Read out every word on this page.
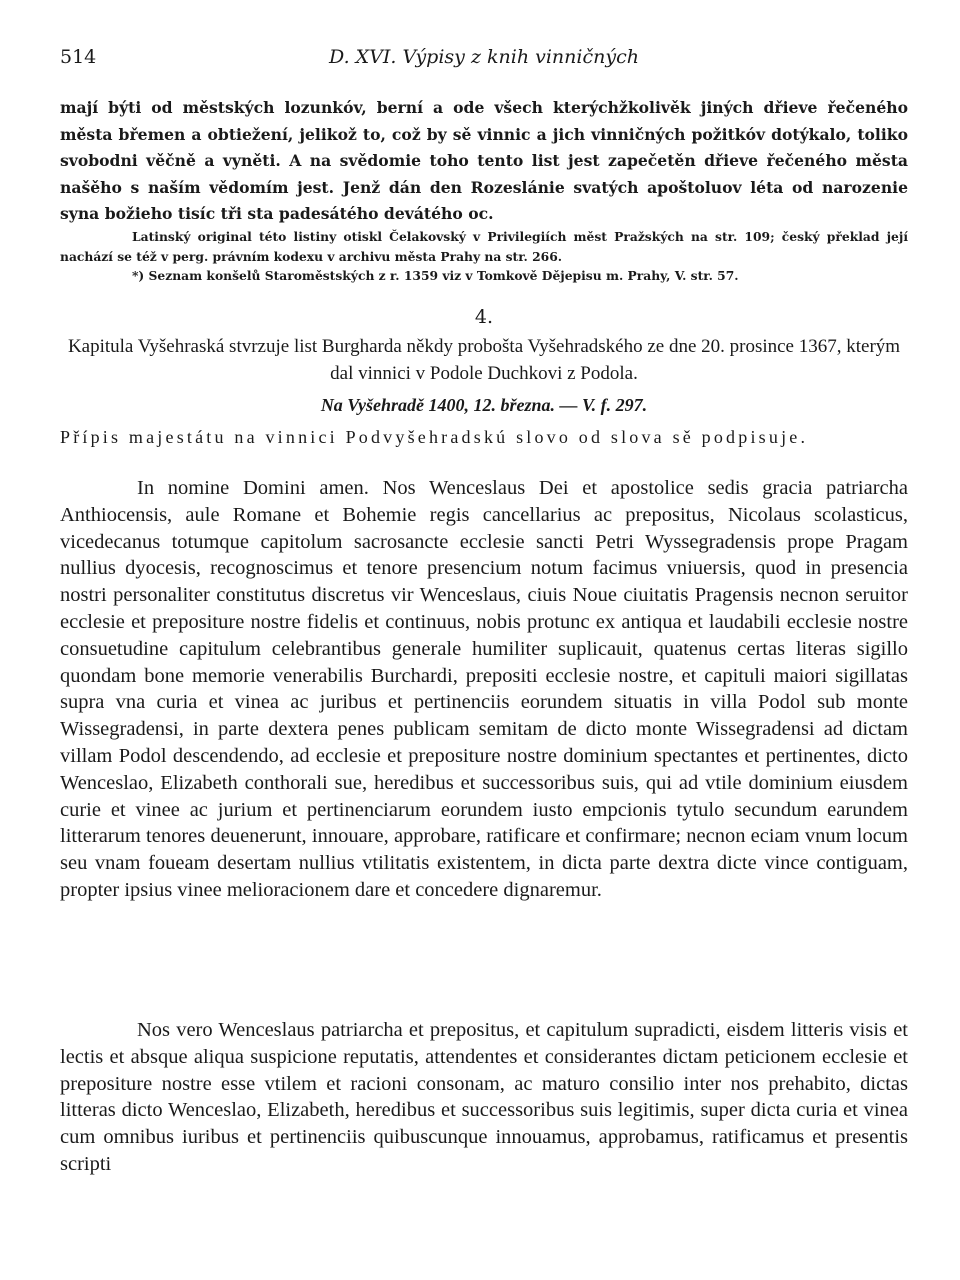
514	D. XVI. Výpisy z knih vinničných

mají býti od městských lozunkóv, berní a ode všech kterýchžkolivěk jiných dřieve řečeného města břemen a obtiežení, jelikož to, což by sě vinnic a jich vinničných požitkóv dotýkalo, toliko svobodni věčně a vyněti. A na svědomie toho tento list jest zapečetěn dřieve řečeného města našěho s naším vědomím jest. Jenž dán den Rozeslánie svatých apoštoluov léta od narozenie syna božieho tisíc tři sta padesátého devátého oc.

Latinský original této listiny otiskl Čelakovský v Privilegiích měst Pražských na str. 109; český překlad její nachází se též v perg. právním kodexu v archivu města Prahy na str. 266.

*) Seznam konšelů Staroměstských z r. 1359 viz v Tomkově Dějepisu m. Prahy, V. str. 57.

4.
Kapitula Vyšehraská stvrzuje list Burgharda někdy probošta Vyšehradského ze dne 20. prosince 1367, kterým dal vinnici v Podole Duchkovi z Podola.
Na Vyšehradě 1400, 12. března. — V. f. 297.

Přípis majestátu na vinnici Podvyšehradskú slovo od slova sě podpisuje.

In nomine Domini amen. Nos Wenceslaus Dei et apostolice sedis gracia patriarcha Anthiocensis, aule Romane et Bohemie regis cancellarius ac prepositus, Nicolaus scolasticus, vicedecanus totumque capitolum sacrosancte ecclesie sancti Petri Wyssegradensis prope Pragam nullius dyocesis, recognoscimus et tenore presencium notum facimus vniuersis, quod in presencia nostri personaliter constitutus discretus vir Wenceslaus, ciuis Noue ciuitatis Pragensis necnon seruitor ecclesie et prepositure nostre fidelis et continuus, nobis protunc ex antiqua et laudabili ecclesie nostre consuetudine capitulum celebrantibus generale humiliter suplicauit, quatenus certas literas sigillo quondam bone memorie venerabilis Burchardi, prepositi ecclesie nostre, et capituli maiori sigillatas supra vna curia et vinea ac juribus et pertinenciis eorundem situatis in villa Podol sub monte Wissegradensi, in parte dextera penes publicam semitam de dicto monte Wissegradensi ad dictam villam Podol descendendo, ad ecclesie et prepositure nostre dominium spectantes et pertinentes, dicto Wenceslao, Elizabeth conthorali sue, heredibus et successoribus suis, qui ad vtile dominium eiusdem curie et vinee ac jurium et pertinenciarum eorundem iusto empcionis tytulo secundum earundem litterarum tenores deuenerunt, innouare, approbare, ratificare et confirmare; necnon eciam vnum locum seu vnam foueam desertam nullius vtilitatis existentem, in dicta parte dextra dicte vince contiguam, propter ipsius vinee melioracionem dare et concedere dignaremur.

Nos vero Wenceslaus patriarcha et prepositus, et capitulum supradicti, eisdem litteris visis et lectis et absque aliqua suspicione reputatis, attendentes et considerantes dictam peticionem ecclesie et prepositure nostre esse vtilem et racioni consonam, ac maturo consilio inter nos prehabito, dictas litteras dicto Wenceslao, Elizabeth, heredibus et successoribus suis legitimis, super dicta curia et vinea cum omnibus iuribus et pertinenciis quibuscunque innouamus, approbamus, ratificamus et presentis scripti
